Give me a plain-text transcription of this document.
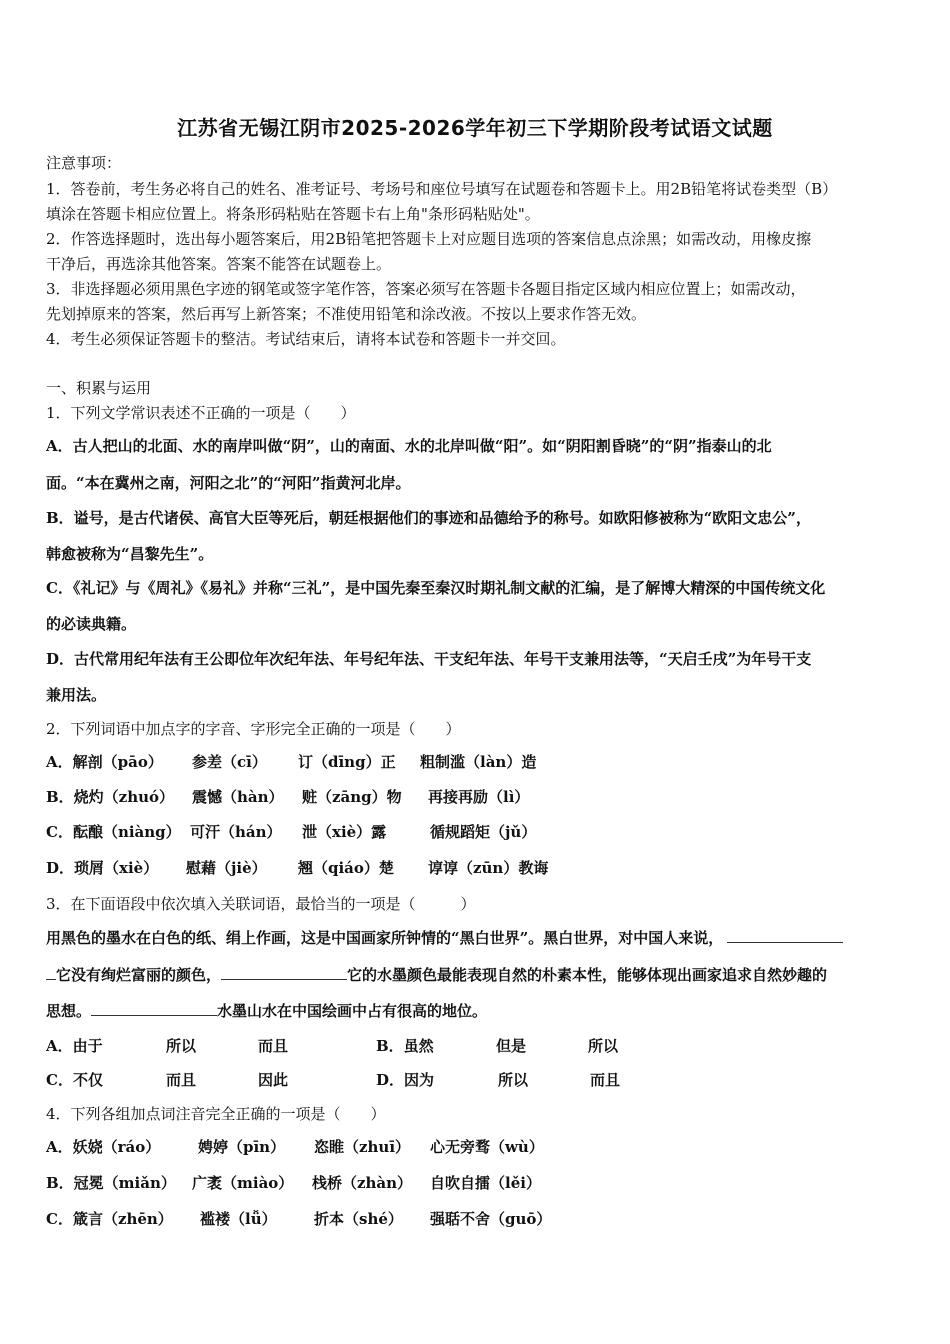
江苏省无锡江阴市2025-2026学年初三下学期阶段考试语文试题
注意事项：
1．答卷前，考生务必将自己的姓名、准考证号、考场号和座位号填写在试题卷和答题卡上。用2B铅笔将试卷类型（B）
填涂在答题卡相应位置上。将条形码粘贴在答题卡右上角"条形码粘贴处"。
2．作答选择题时，选出每小题答案后，用2B铅笔把答题卡上对应题目选项的答案信息点涂黑；如需改动，用橡皮擦
干净后，再选涂其他答案。答案不能答在试题卷上。
3．非选择题必须用黑色字迹的钢笔或签字笔作答，答案必须写在答题卡各题目指定区域内相应位置上；如需改动，
先划掉原来的答案，然后再写上新答案；不准使用铅笔和涂改液。不按以上要求作答无效。
4．考生必须保证答题卡的整洁。考试结束后，请将本试卷和答题卡一并交回。
一、积累与运用
1．下列文学常识表述不正确的一项是（　　）
A．古人把山的北面、水的南岸叫做“阴”，山的南面、水的北岸叫做“阳”。如“阴阳割昏晓”的“阴”指泰山的北
面。“本在冀州之南，河阳之北”的“河阳”指黄河北岸。
B．谥号，是古代诸侯、高官大臣等死后，朝廷根据他们的事迹和品德给予的称号。如欧阳修被称为“欧阳文忠公”，
韩愈被称为“昌黎先生”。
C．《礼记》与《周礼》《易礼》并称“三礼”，是中国先秦至秦汉时期礼制文献的汇编，是了解博大精深的中国传统文化
的必读典籍。
D．古代常用纪年法有王公即位年次纪年法、年号纪年法、干支纪年法、年号干支兼用法等，“天启壬戌”为年号干支
兼用法。
2．下列词语中加点字的字音、字形完全正确的一项是（　　）
A．解剖（pāo） 参差（cī） 订（dīng）正 粗制滥（làn）造
B．烧灼（zhuó） 震憾（hàn） 赃（zāng）物 再接再励（lì）
C．酝酿（niàng） 可汗（hán） 泄（xiè）露	循规蹈矩（jǔ）
D．琐屑（xiè） 慰藉（jiè） 翘（qiáo）楚 谆谆（zūn）教诲
3．在下面语段中依次填入关联词语，最恰当的一项是（　　　）
用黑色的墨水在白色的纸、绢上作画，这是中国画家所钟情的“黑白世界”。黑白世界，对中国人来说，
它没有绚烂富丽的颜色，	它的水墨颜色最能表现自然的朴素本性，能够体现出画家追求自然妙趣的
思想。	水墨山水在中国绘画中占有很高的地位。
A．由于	所以	而且	B．虽然	但是	所以
C．不仅	而且	因此	D．因为	所以	而且
4．下列各组加点词注音完全正确的一项是（　　）
A．妖娆（ráo）	娉婷（pīn） 恣睢（zhuī） 心无旁骛（wù）
B．冠冕（miǎn） 广袤（miào） 栈桥（zhàn） 自吹自擂（lěi）
C．箴言（zhēn） 褴褛（lǚ） 折本（shé） 强聒不舍（guō）
